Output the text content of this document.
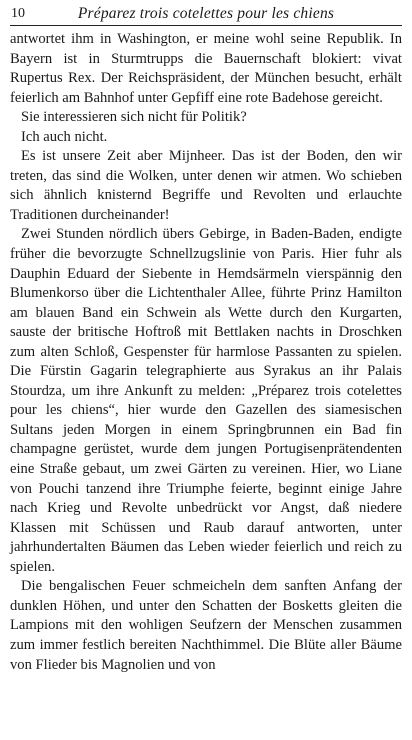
10	Préparez trois cotelettes pour les chiens

antwortet ihm in Washington, er meine wohl seine Republik. In Bayern ist in Sturmtrupps die Bauernschaft blokiert: vivat Rupertus Rex. Der Reichspräsident, der München besucht, erhält feierlich am Bahnhof unter Gepfiff eine rote Badehose gereicht.

Sie interessieren sich nicht für Politik?

Ich auch nicht.

Es ist unsere Zeit aber Mijnheer. Das ist der Boden, den wir treten, das sind die Wolken, unter denen wir atmen. Wo schieben sich ähnlich knisternd Begriffe und Revolten und erlauchte Traditionen durcheinander!

Zwei Stunden nördlich übers Gebirge, in Baden-Baden, endigte früher die bevorzugte Schnellzugslinie von Paris. Hier fuhr als Dauphin Eduard der Siebente in Hemdsärmeln vierspännig den Blumenkorso über die Lichtenthaler Allee, führte Prinz Hamilton am blauen Band ein Schwein als Wette durch den Kurgarten, sauste der britische Hoftroß mit Bettlaken nachts in Droschken zum alten Schloß, Gespenster für harmlose Passanten zu spielen. Die Fürstin Gagarin telegraphierte aus Syrakus an ihr Palais Stourdza, um ihre Ankunft zu melden: „Préparez trois cotelettes pour les chiens“, hier wurde den Gazellen des siamesischen Sultans jeden Morgen in einem Springbrunnen ein Bad fin champagne gerüstet, wurde dem jungen Portugisenprätendenten eine Straße gebaut, um zwei Gärten zu vereinen. Hier, wo Liane von Pouchi tanzend ihre Triumphe feierte, beginnt einige Jahre nach Krieg und Revolte unbedrückt vor Angst, daß niedere Klassen mit Schüssen und Raub darauf antworten, unter jahrhundertalten Bäumen das Leben wieder feierlich und reich zu spielen.

Die bengalischen Feuer schmeicheln dem sanften Anfang der dunklen Höhen, und unter den Schatten der Bosketts gleiten die Lampions mit den wohligen Seufzern der Menschen zusammen zum immer festlich bereiten Nachthimmel. Die Blüte aller Bäume von Flieder bis Magnolien und von
